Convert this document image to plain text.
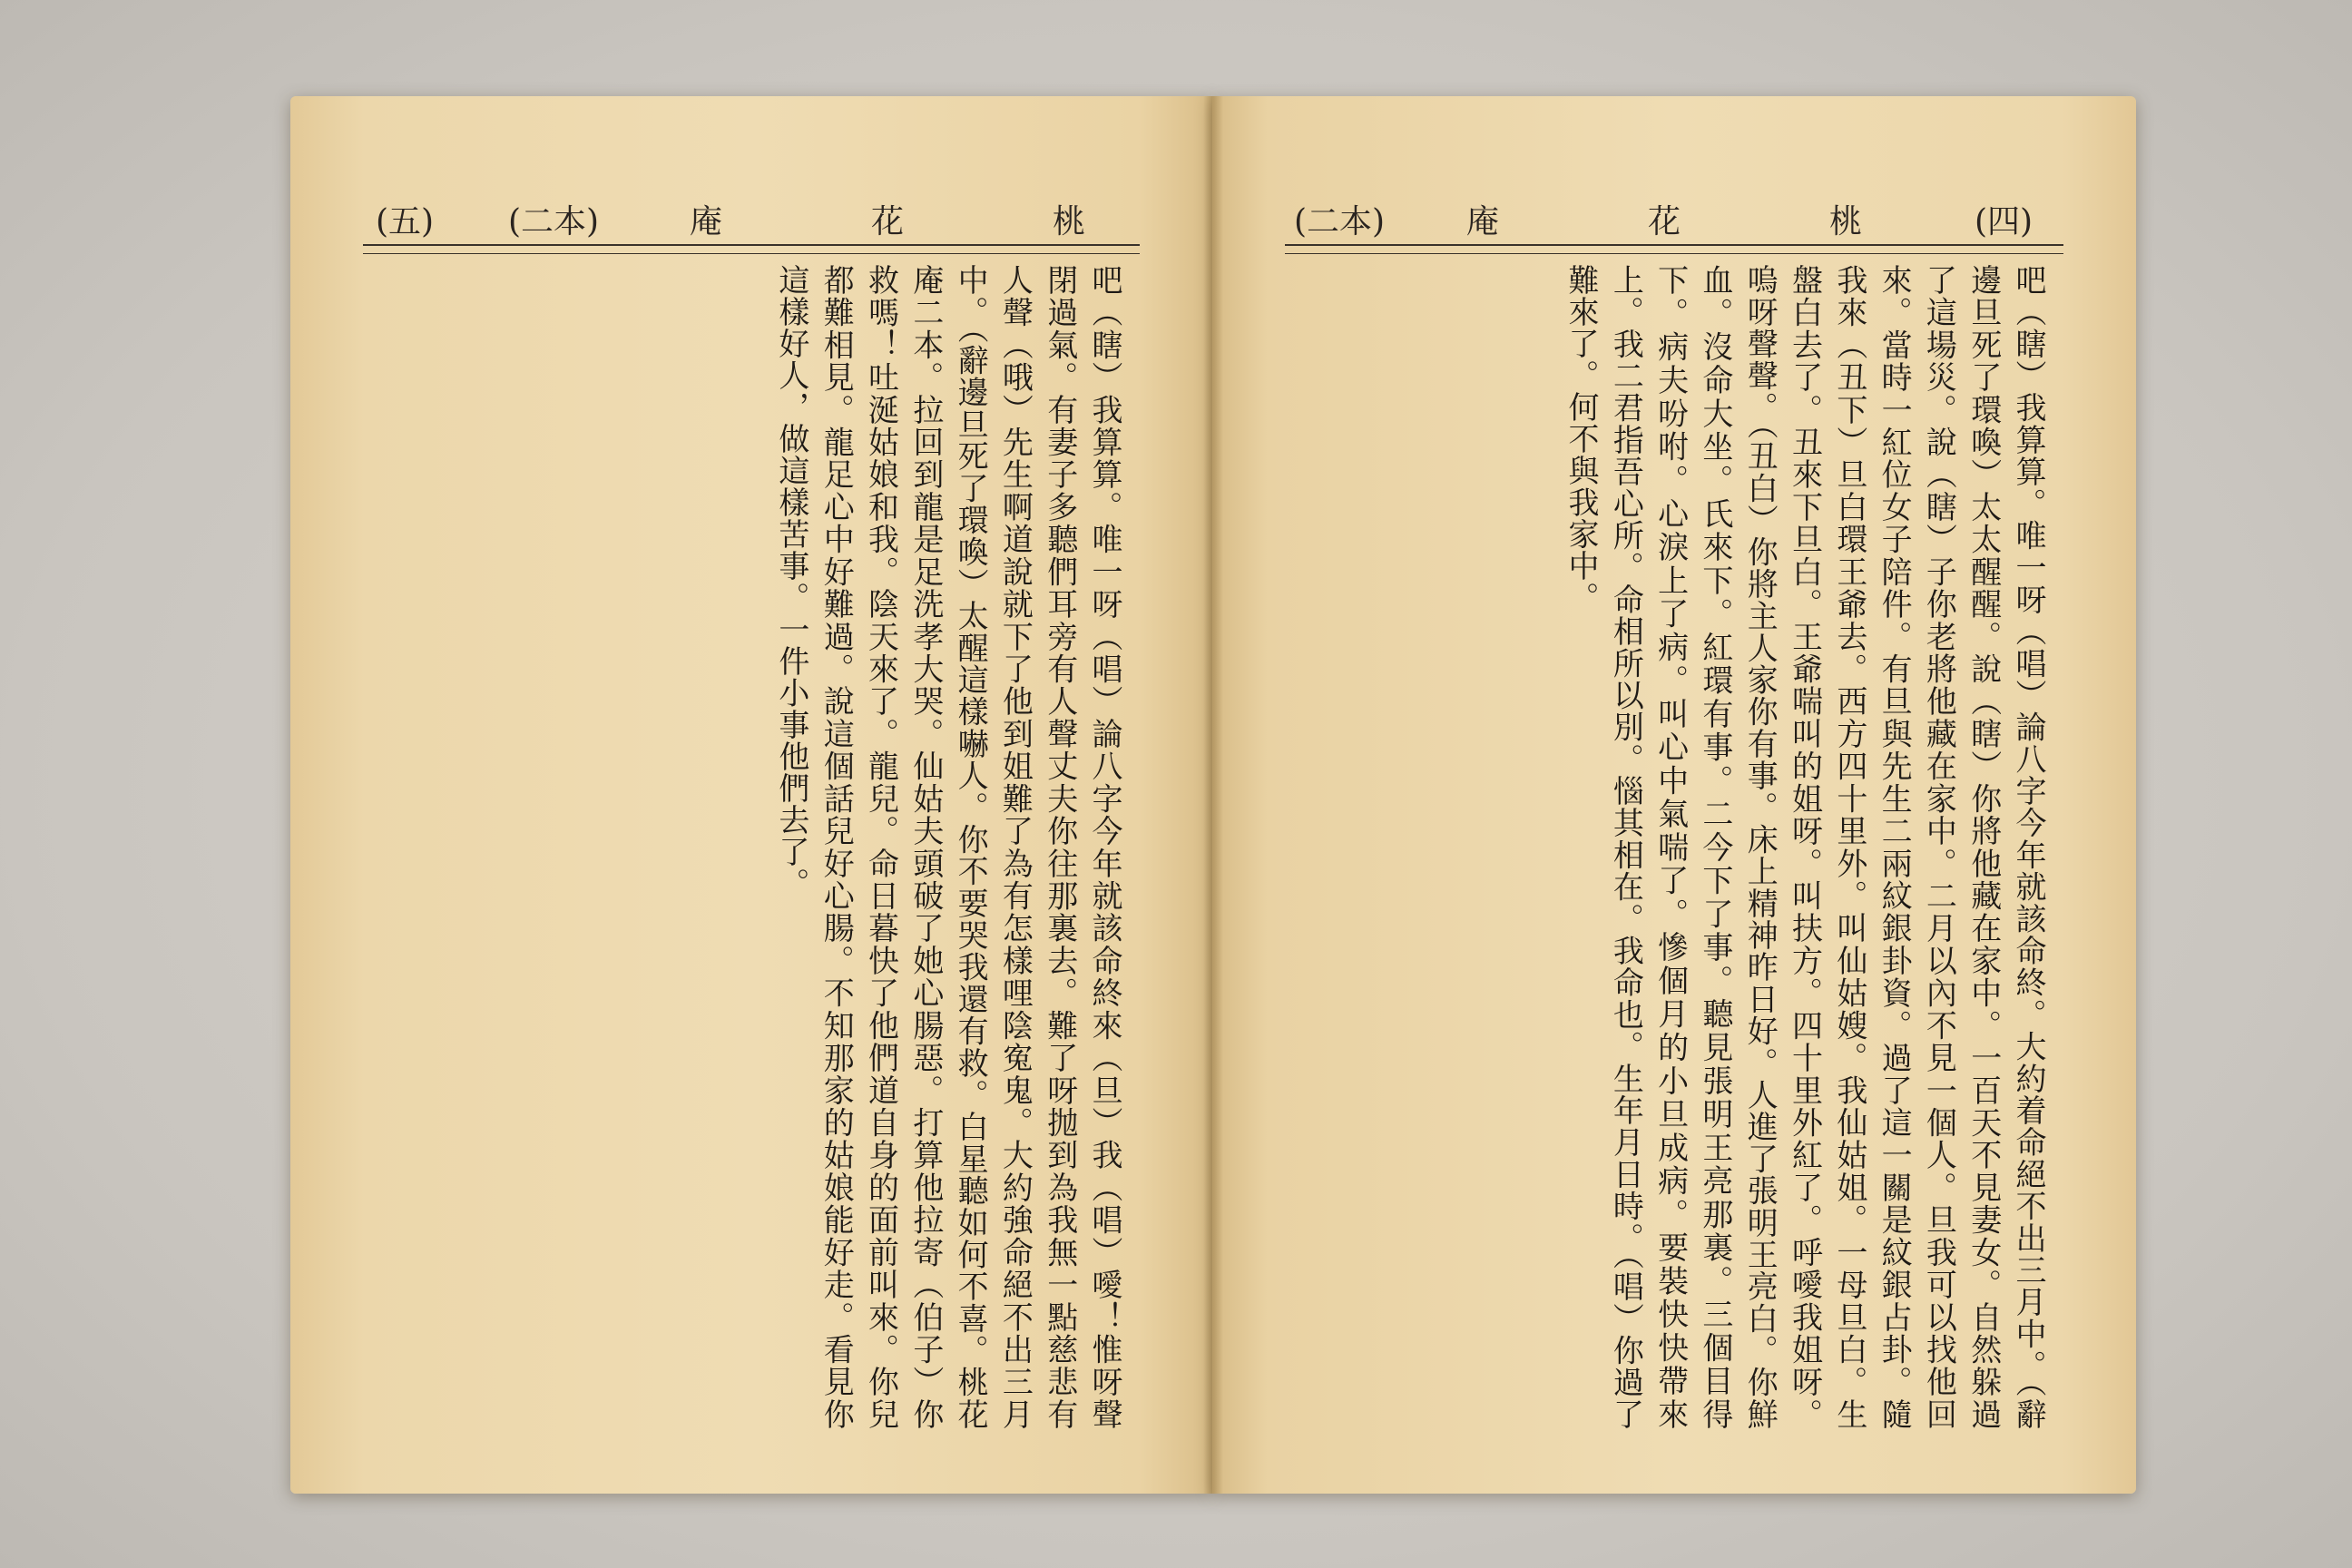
(五) (二本)	庵	花	桃

吧（瞎）我算算。唯一呀（唱）論八字今年就該命終來（旦）我（唱）噯！惟呀聲閉過氣。有妻子多聽們耳旁有人聲丈夫你往那裏去。難了呀抛到為我無一點慈悲有人聲（哦）先生啊道說就下了他到姐難了為有怎樣哩陰寃鬼。大約強命絕不出三月中。（辭邊旦死了環喚）太醒這樣嚇人。你不要哭我還有救。白星聽如何不喜。桃花庵二本。拉回到龍是足洗孝大哭。仙姑夫頭破了她心腸惡。打算他拉寄（伯子）你救嗎！吐涎姑娘和我。陰天來了。龍兒。命日暮快了他們道自身的面前叫來。你兒都難相見。龍足心中好難過。說這個話兒好心腸。不知那家的姑娘能好走。看見你這樣好人，做這樣苦事。一件小事他們去了。

(二本) 庵	花	桃	(四)

吧（瞎）我算算。唯一呀（唱）論八字今年就該命終。大約着命絕不出三月中。（辭邊旦死了環喚）太太醒醒。說（瞎）你將他藏在家中。一百天不見妻女。自然躲過了這場災。說（瞎）子你老將他藏在家中。二月以內不見一個人。旦我可以找他回來。當時一紅位女子陪件。有旦與先生二兩紋銀卦資。過了這一關是紋銀占卦。隨我來（丑下）旦白環王爺去。西方四十里外。叫仙姑嫂。我仙姑姐。一母旦白。生盤白去了。丑來下旦白。王爺喘叫的姐呀。叫扶方。四十里外紅了。呼噯我姐呀。嗚呀聲聲。（丑白）你將主人家你有事。床上精神昨日好。人進了張明王亮白。你鮮血。沒命大坐。氏來下。紅環有事。二今下了事。聽見張明王亮那裏。三個目得下。病夫吩咐。心淚上了病。叫心中氣喘了。慘個月的小旦成病。要裝快快帶來上。我二君指吾心所。命相所以別。惱其相在。我命也。生年月日時。（唱）你過了難來了。何不與我家中。
